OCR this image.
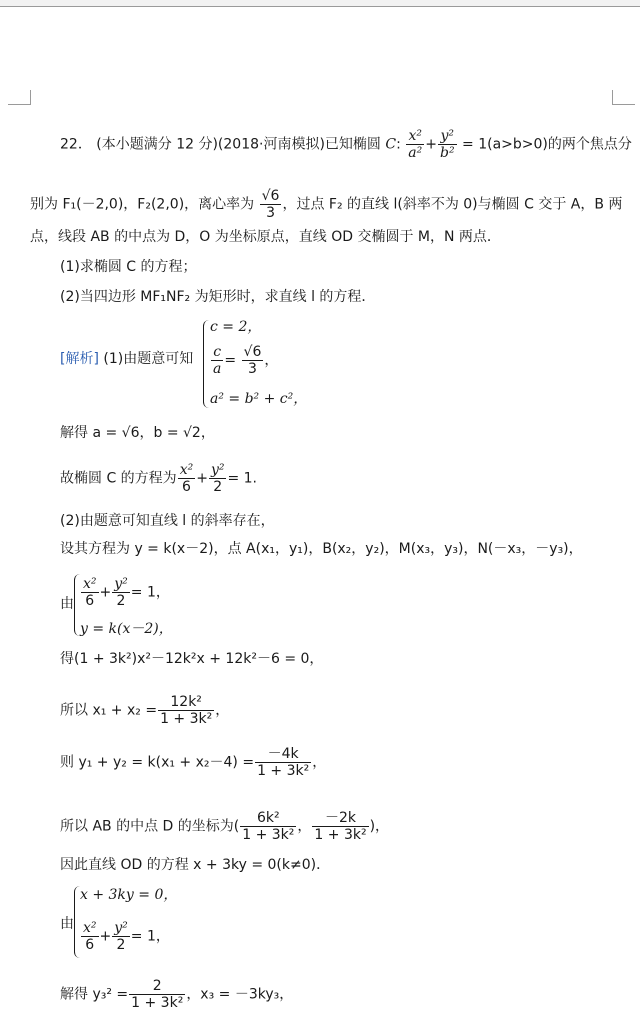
22． (本小题满分 12 分)(2018·河南模拟)已知椭圆 C: $\frac{\text{x²}}{\text{a²}} + \frac{\text{y²}}{\text{b²}} = 1(a>b>0)$的两个焦点分
别为 F₁(－2,0)，F₂(2,0)，离心率为 $\frac{√6}{3}$ ，过点 F₂ 的直线 l(斜率不为 0)与椭圆 C 交于 A，B 两
点，线段 AB 的中点为 D，O 为坐标原点，直线 OD 交椭圆于 M，N 两点．
(1)求椭圆 C 的方程；
(2)当四边形 MF₁NF₂ 为矩形时，求直线 l 的方程．
[解析] (1)由题意可知
c = 2，
$\frac{c}{a} = \frac{√6}{3}$ ，
a² = b² + c²，
解得 a = √6，b = √2，
故椭圆 C 的方程为 $\frac{\text{x²}}{6} + \frac{\text{y²}}{2} = 1$.
(2)由题意可知直线 l 的斜率存在，
设其方程为 y = k(x－2)，点 A(x₁，y₁)，B(x₂，y₂)，M(x₃，y₃)，N(－x₃，－y₃)，
由 $\frac{\text{x²}}{6} + \frac{\text{y²}}{2} = 1$，
y = k(x－2)，
得(1 + 3k²)x²－12k²x + 12k²－6 = 0，
所以 $x_1 + x_2 = \frac{\text{12k²}}{\text{1 + 3k²}}$ ，
则 $y_1 + y_2 = k(x_1 + x_2-4) = \frac{-4k}{\text{1 + 3k²}}$ ，
所以 AB 的中点 D 的坐标为( $\frac{\text{6k²}}{\text{1 + 3k²}}$ ， $\frac{-2k}{\text{1 + 3k²}}$ )，
因此直线 OD 的方程 x + 3ky = 0(k≠0)．
由
x + 3ky = 0，
$\frac{\text{x²}}{6} + \frac{\text{y²}}{2} = 1$，
解得 $y_3^2 = \frac{2}{\text{1 + 3k²}}$ ，x₃ = －3ky₃，
